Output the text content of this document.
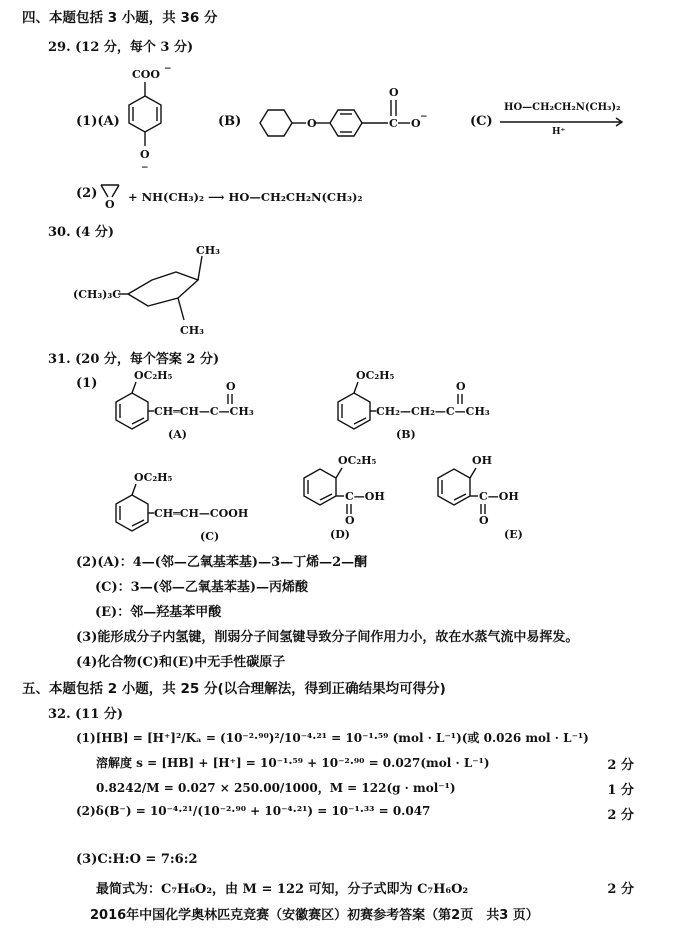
四、本题包括 3 小题，共 36 分
29. (12 分，每个 3 分)
(1)(A)
COO −
O
−
(B)	O	C
O
O −	(C)
HO—CH₂CH₂N(CH₃)₂
H⁺
(2)
O
+ NH(CH₃)₂ ⟶ HO—CH₂CH₂N(CH₃)₂
30. (4 分)
(CH₃)₃C
CH₃
CH₃
31. (20 分，每个答案 2 分)
(1)
OC₂H₅
CH═CH—C—CH₃
O
(A)
OC₂H₅
CH₂—CH₂—C—CH₃
O
(B)
OC₂H₅
CH═CH—COOH
(C)
OC₂H₅
C—OH
O
(D)
OH
C—OH
O
(E)
(2)(A)：4—(邻—乙氧基苯基)—3—丁烯—2—酮
(C)：3—(邻—乙氧基苯基)—丙烯酸
(E)：邻—羟基苯甲酸
(3)能形成分子内氢键，削弱分子间氢键导致分子间作用力小，故在水蒸气流中易挥发。
(4)化合物(C)和(E)中无手性碳原子
五、本题包括 2 小题，共 25 分(以合理解法，得到正确结果均可得分)
32. (11 分)
(1)[HB] = [H⁺]²/Kₐ = (10⁻²·⁹⁰)²/10⁻⁴·²¹ = 10⁻¹·⁵⁹ (mol · L⁻¹)(或 0.026 mol · L⁻¹)
溶解度 s = [HB] + [H⁺] = 10⁻¹·⁵⁹ + 10⁻²·⁹⁰ = 0.027(mol · L⁻¹)	2 分
0.8242/M = 0.027 × 250.00/1000，M = 122(g · mol⁻¹)	1 分
(2)δ(B⁻) = 10⁻⁴·²¹/(10⁻²·⁹⁰ + 10⁻⁴·²¹) = 10⁻¹·³³ = 0.047	2 分
(3)C:H:O = 7:6:2
最简式为：C₇H₆O₂，由 M = 122 可知，分子式即为 C₇H₆O₂	2 分
2016年中国化学奥林匹克竞赛（安徽赛区）初赛参考答案（第2页　共3 页）
